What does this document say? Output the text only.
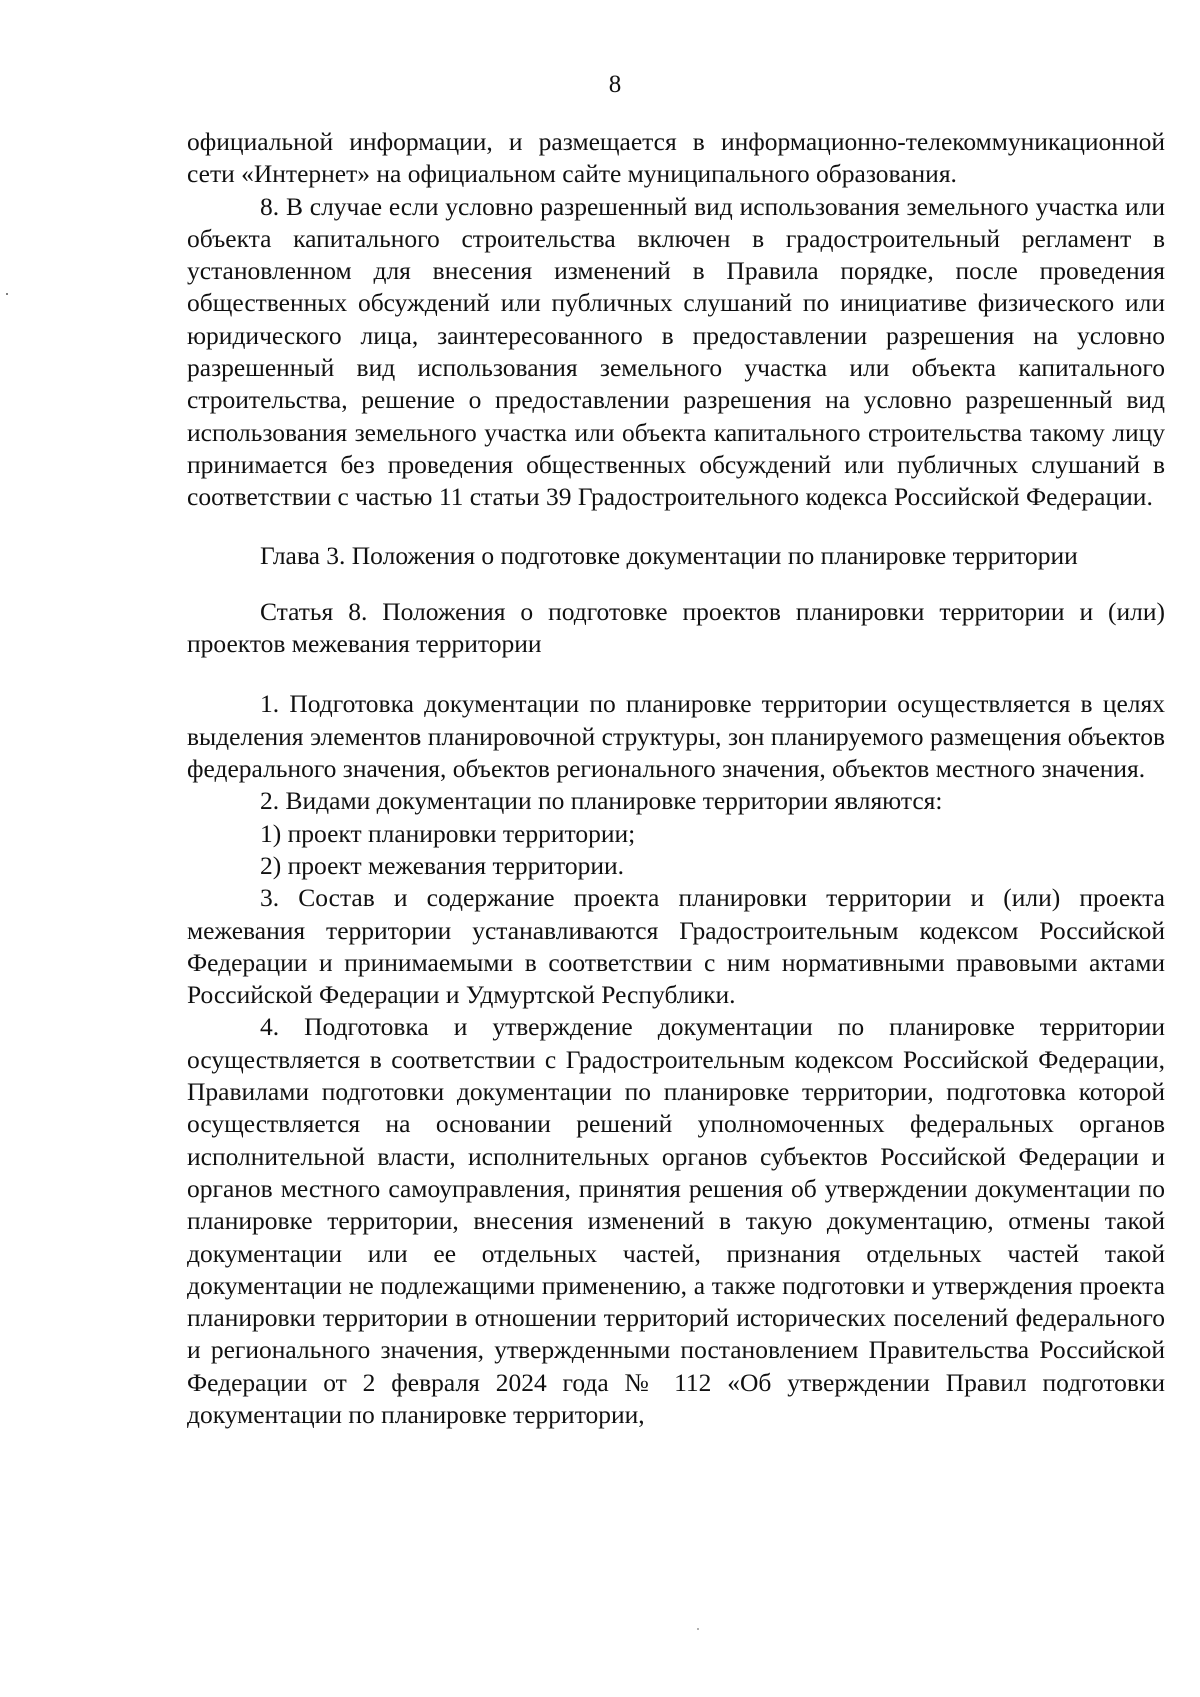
8

официальной информации, и размещается в информационно-телекоммуникационной сети «Интернет» на официальном сайте муниципального образования.

8. В случае если условно разрешенный вид использования земельного участка или объекта капитального строительства включен в градостроительный регламент в установленном для внесения изменений в Правила порядке, после проведения общественных обсуждений или публичных слушаний по инициативе физического или юридического лица, заинтересованного в предоставлении разрешения на условно разрешенный вид использования земельного участка или объекта капитального строительства, решение о предоставлении разрешения на условно разрешенный вид использования земельного участка или объекта капитального строительства такому лицу принимается без проведения общественных обсуждений или публичных слушаний в соответствии с частью 11 статьи 39 Градостроительного кодекса Российской Федерации.

Глава 3. Положения о подготовке документации по планировке территории
Статья 8. Положения о подготовке проектов планировки территории и (или) проектов межевания территории

1. Подготовка документации по планировке территории осуществляется в целях выделения элементов планировочной структуры, зон планируемого размещения объектов федерального значения, объектов регионального значения, объектов местного значения.

2. Видами документации по планировке территории являются:

1) проект планировки территории;

2) проект межевания территории.

3. Состав и содержание проекта планировки территории и (или) проекта межевания территории устанавливаются Градостроительным кодексом Российской Федерации и принимаемыми в соответствии с ним нормативными правовыми актами Российской Федерации и Удмуртской Республики.

4. Подготовка и утверждение документации по планировке территории осуществляется в соответствии с Градостроительным кодексом Российской Федерации, Правилами подготовки документации по планировке территории, подготовка которой осуществляется на основании решений уполномоченных федеральных органов исполнительной власти, исполнительных органов субъектов Российской Федерации и органов местного самоуправления, принятия решения об утверждении документации по планировке территории, внесения изменений в такую документацию, отмены такой документации или ее отдельных частей, признания отдельных частей такой документации не подлежащими применению, а также подготовки и утверждения проекта планировки территории в отношении территорий исторических поселений федерального и регионального значения, утвержденными постановлением Правительства Российской Федерации от 2 февраля 2024 года № 112 «Об утверждении Правил подготовки документации по планировке территории,
